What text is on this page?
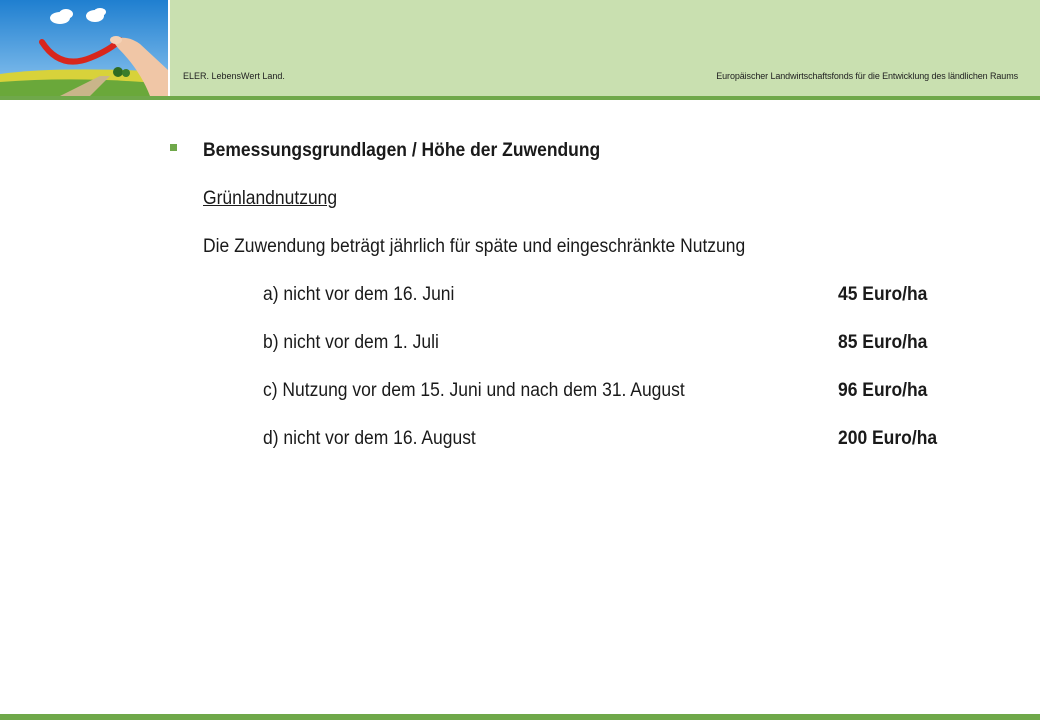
ELER. LebensWert Land.	Europäischer Landwirtschaftsfonds für die Entwicklung des ländlichen Raums
Bemessungsgrundlagen / Höhe der Zuwendung
Grünlandnutzung
Die Zuwendung beträgt jährlich für späte und eingeschränkte Nutzung
a) nicht vor dem 16. Juni	45 Euro/ha
b) nicht vor dem 1. Juli	85 Euro/ha
c) Nutzung vor dem 15. Juni und nach dem 31. August	96 Euro/ha
d) nicht vor dem 16. August	200 Euro/ha
